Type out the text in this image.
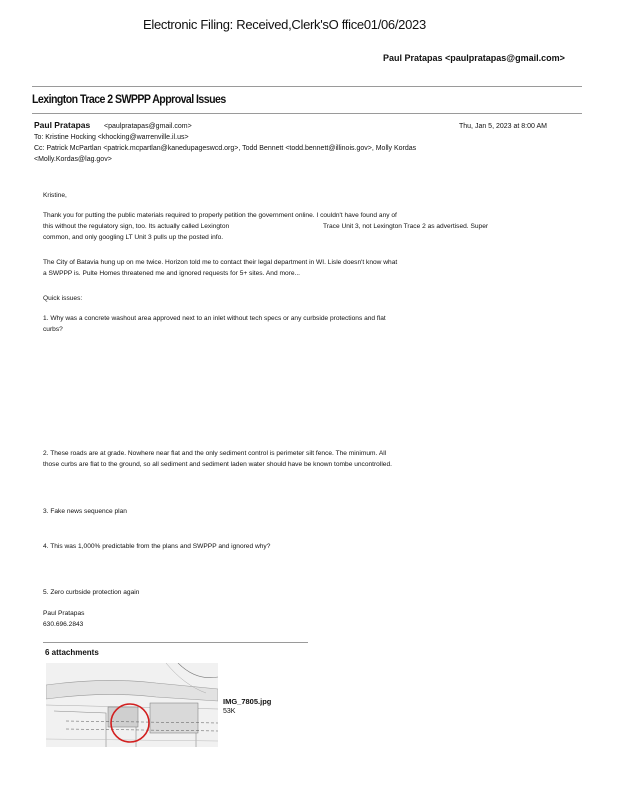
Electronic Filing: Received,Clerk'sO ffice01/06/2023
Paul Pratapas <paulpratapas@gmail.com>
Lexington Trace 2 SWPPP Approval Issues
Paul Pratapas <paulpratapas@gmail.com>	Thu, Jan 5, 2023 at 8:00 AM
To: Kristine Hocking <khocking@warrenville.il.us>
Cc: Patrick McPartlan <patrick.mcpartlan@kanedupageswcd.org>, Todd Bennett <todd.bennett@illinois.gov>, Molly Kordas
<Molly.Kordas@lag.gov>
Kristine,
Thank you for putting the public materials required to properly petition the government online. I couldn't have found any of
this without the regulatory sign, too. Its actually called Lexington	Trace Unit 3, not Lexington Trace 2 as advertised. Super
common, and only googling LT Unit 3 pulls up the posted info.
The City of Batavia hung up on me twice. Horizon told me to contact their legal department in WI. Lisle doesn't know what
a SWPPP is. Pulte Homes threatened me and ignored requests for 5+ sites. And more...
Quick issues:
1. Why was a concrete washout area approved next to an inlet without tech specs or any curbside protections and flat
curbs?
2. These roads are at grade. Nowhere near flat and the only sediment control is perimeter silt fence. The minimum. All
those curbs are flat to the ground, so all sediment and sediment laden water should have be known tombe uncontrolled.
3. Fake news sequence plan
4. This was 1,000% predictable from the plans and SWPPP and ignored why?
5. Zero curbside protection again
Paul Pratapas
630.696.2843
6 attachments
IMG_7805.jpg
53K
